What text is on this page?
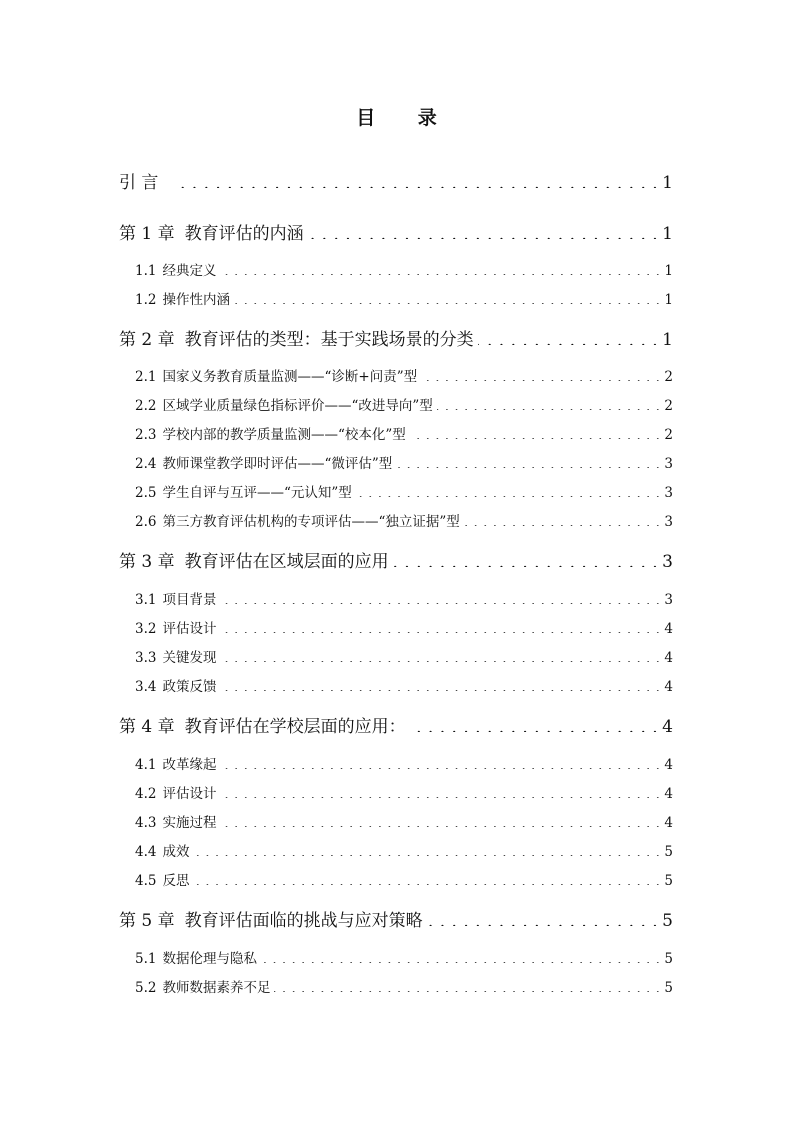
目 录
引 言 . . .	1
第 1 章 教育评估的内涵 . . .	1
1.1 经典定义 . . .	1
1.2 操作性内涵 . . .	1
第 2 章 教育评估的类型：基于实践场景的分类 . . .	1
2.1 国家义务教育质量监测——“诊断+问责”型 . . .	2
2.2 区域学业质量绿色指标评价——“改进导向”型 . . .	2
2.3 学校内部的教学质量监测——“校本化”型 . . .	2
2.4 教师课堂教学即时评估——“微评估”型 . . .	3
2.5 学生自评与互评——“元认知”型 . . .	3
2.6 第三方教育评估机构的专项评估——“独立证据”型 . . .	3
第 3 章 教育评估在区域层面的应用 . . .	3
3.1 项目背景 . . .	3
3.2 评估设计 . . .	4
3.3 关键发现 . . .	4
3.4 政策反馈 . . .	4
第 4 章 教育评估在学校层面的应用： . . .	4
4.1 改革缘起 . . .	4
4.2 评估设计 . . .	4
4.3 实施过程 . . .	4
4.4 成效 . . .	5
4.5 反思 . . .	5
第 5 章 教育评估面临的挑战与应对策略 . . .	5
5.1 数据伦理与隐私 . . .	5
5.2 教师数据素养不足 . . .	5
